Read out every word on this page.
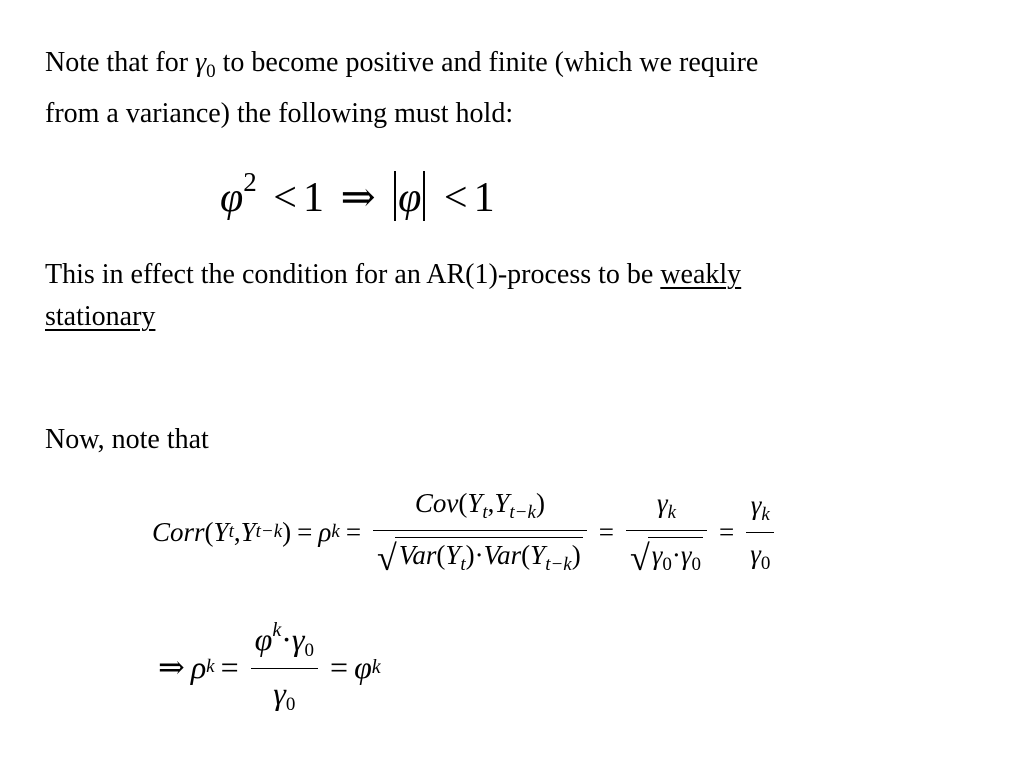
Note that for $\gamma_0$ to become positive and finite (which we require
from a variance) the following must hold:
$\varphi^2 < 1$ ⇒ φ < 1
This in effect the condition for an AR(1)-process to be weakly
stationary
Now, note that
Corr ( Y t , Y t−k ) = ρ $k = \frac{Cov(Y_t,Y_{t-k})}{√ Var(Y_t)\cdot Var(Y_{t-k})} = \frac{\gamma_k}{√ \gamma_0\cdot\gamma_0} = \frac{\gamma_k}{\gamma_0}$
⇒ ρ $k = \frac{\varphi^k\cdot\gamma_0}{\gamma_0} = \varphi$ k
